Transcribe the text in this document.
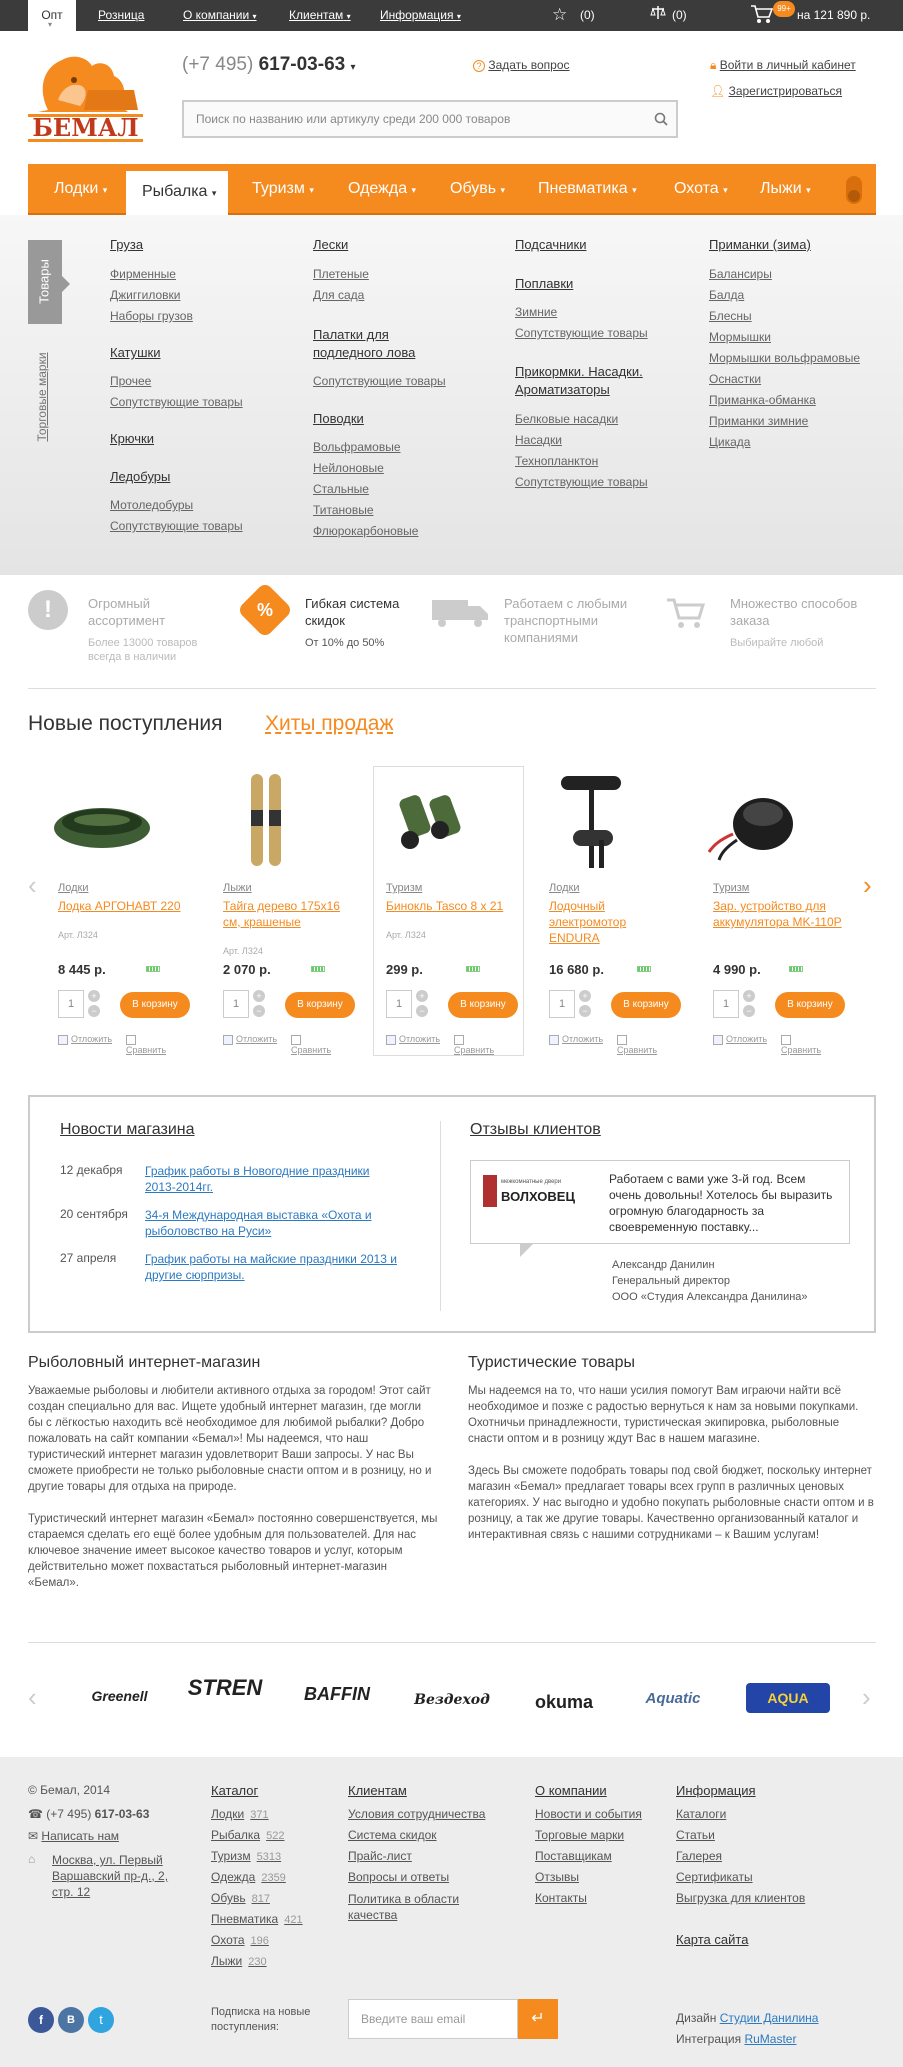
Опт ▾	Розница	О компании ▾	Клиентам ▾ Информация ▾	☆ (0)	(0)	99+ на 121 890 р.
БЕМАЛ
(+7 495) 617-03-63 ▾	? Задать вопрос	🔒︎ Войти в личный кабинет
👤︎ Зарегистрироваться
Поиск по названию или артикулу среди 200 000 товаров
Лодки ▾	Рыбалка ▾	Туризм ▾ Одежда ▾ Обувь ▾ Пневматика ▾ Охота ▾ Лыжи ▾
Груза
Фирменные
Джиггиловки
Наборы грузов
Катушки
Прочее
Сопутствующие товары
Крючки
Ледобуры
Мотоледобуры
Сопутствующие товары
Лески
Плетеные
Для сада
Палатки для
подледного лова
Сопутствующие товары
Поводки
Вольфрамовые
Нейлоновые
Стальные
Титановые
Флюрокарбоновые
Подсачники
Поплавки
Зимние
Сопутствующие товары
Прикормки. Насадки.
Ароматизаторы
Белковые насадки
Насадки
Технопланктон
Сопутствующие товары
Приманки (зима)
Балансиры
Балда
Блесны
Мормышки
Мормышки вольфрамовые
Оснастки
Приманка-обманка
Приманки зимние
Цикада
Товары
Торговые марки
!	Огромный ассортимент
Более 13000 товаров всегда в наличии
%	Гибкая система скидок
От 10% до 50%
Работаем с любыми транспортными компаниями
Множество способов заказа
Выбирайте любой
Новые поступления Хиты продаж
‹	›
Лодки
Лодка АРГОНАВТ 220
Арт. Л324
8 445 р.
1
+
−
В корзину
Отложить
Сравнить
Лыжи
Тайга дерево 175х16 см, крашеные
Арт. Л324
2 070 р.
1
+
−
В корзину
Отложить
Сравнить
Туризм
Бинокль Tasco 8 х 21
Арт. Л324
299 р.
1
+
−
В корзину
Отложить
Сравнить
Лодки
Лодочный электромотор ENDURA
16 680 р.
1
+
−
В корзину
Отложить
Сравнить
Туризм
Зар. устройство для аккумулятора MK-110P
4 990 р.
1
+
−
В корзину
Отложить
Сравнить
Новости магазина
12 декабря График работы в Новогодние праздники 2013-2014гг.
20 сентября 34-я Международная выставка «Охота и рыболовство на Руси»
27 апреля График работы на майские праздники 2013 и другие сюрпризы.
Отзывы клиентов
межкомнатные двери
ВОЛХОВЕЦ
Работаем с вами уже 3-й год. Всем очень довольны! Хотелось бы выразить огромную благодарность за своевременную поставку...
Александр Данилин
Генеральный директор
ООО «Студия Александра Данилина»
Рыболовный интернет-магазин

Уважаемые рыболовы и любители активного отдыха за городом! Этот сайт создан специально для вас. Ищете удобный интернет магазин, где могли бы с лёгкостью находить всё необходимое для любимой рыбалки? Добро пожаловать на сайт компании «Бемал»! Мы надеемся, что наш туристический интернет магазин удовлетворит Ваши запросы. У нас Вы сможете приобрести не только рыболовные снасти оптом и в розницу, но и другие товары для отдыха на природе.

Туристический интернет магазин «Бемал» постоянно совершенствуется, мы стараемся сделать его ещё более удобным для пользователей. Для нас ключевое значение имеет высокое качество товаров и услуг, которым действительно может похвастаться рыболовный интернет-магазин «Бемал».

Туристические товары

Мы надеемся на то, что наши усилия помогут Вам играючи найти всё необходимое и позже с радостью вернуться к нам за новыми покупками. Охотничьи принадлежности, туристическая экипировка, рыболовные снасти оптом и в розницу ждут Вас в нашем магазине.

Здесь Вы сможете подобрать товары под свой бюджет, поскольку интернет магазин «Бемал» предлагает товары всех групп в различных ценовых категориях. У нас выгодно и удобно покупать рыболовные снасти оптом и в розницу, а так же другие товары. Качественно организованный каталог и интерактивная связь с нашими сотрудниками – к Вашим услугам!

‹	›
Greenell	STREN	BAFFIN	Вездеход	okuma	Aquatic	AQUA
© Бемал, 2014
☎ (+7 495) 617-03-63
✉ Написать нам
⌂ Москва, ул. Первый Варшавский пр-д., 2, стр. 12
Каталог
Лодки 371
Рыбалка 522
Туризм 5313
Одежда 2359
Обувь 817
Пневматика 421
Охота 196
Лыжи 230
Клиентам
Условия сотрудничества
Система скидок
Прайс-лист
Вопросы и ответы
Политика в области качества
О компании
Новости и события
Торговые марки
Поставщикам
Отзывы
Контакты
Информация
Каталоги
Статьи
Галерея
Сертификаты
Выгрузка для клиентов
Карта сайта
f	B	t	Подписка на новые поступления:
Введите ваш email	↵	Дизайн Студии Данилина
Интеграция RuMaster
